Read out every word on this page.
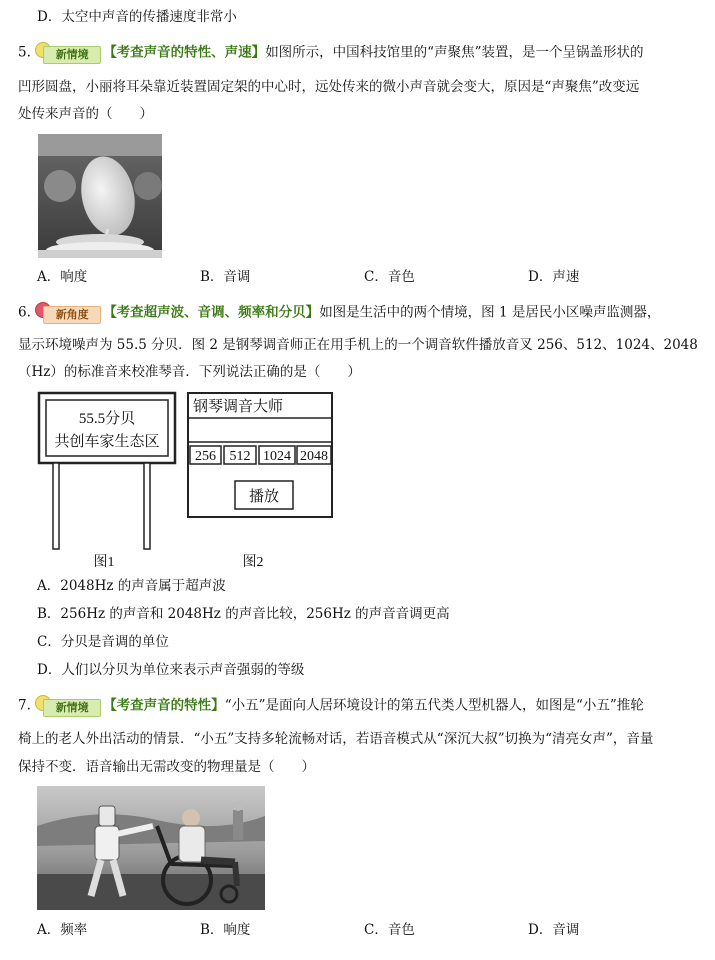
D．太空中声音的传播速度非常小
5.	新情境	【考查声音的特性、声速】如图所示，中国科技馆里的“声聚焦”装置，是一个呈锅盖形状的
凹形圆盘，小丽将耳朵靠近装置固定架的中心时，远处传来的微小声音就会变大，原因是“声聚焦”改变远
处传来声音的（　　）
A．响度	B．音调	C．音色	D．声速
6.	新角度	【考查超声波、音调、频率和分贝】如图是生活中的两个情境，图 1 是居民小区噪声监测器，
显示环境噪声为 55.5 分贝．图 2 是钢琴调音师正在用手机上的一个调音软件播放音叉 256、512、1024、2048
（Hz）的标准音来校准琴音．下列说法正确的是（　　）
55.5分贝
共创车家生态区
图1
钢琴调音大师
256 512 1024 2048
播放
图2
A．2048Hz 的声音属于超声波
B．256Hz 的声音和 2048Hz 的声音比较，256Hz 的声音音调更高
C．分贝是音调的单位
D．人们以分贝为单位来表示声音强弱的等级
7.	新情境	【考查声音的特性】“小五”是面向人居环境设计的第五代类人型机器人，如图是“小五”推轮
椅上的老人外出活动的情景．“小五”支持多轮流畅对话，若语音模式从“深沉大叔”切换为“清亮女声”，音量
保持不变．语音输出无需改变的物理量是（　　）
A．频率	B．响度	C．音色	D．音调
